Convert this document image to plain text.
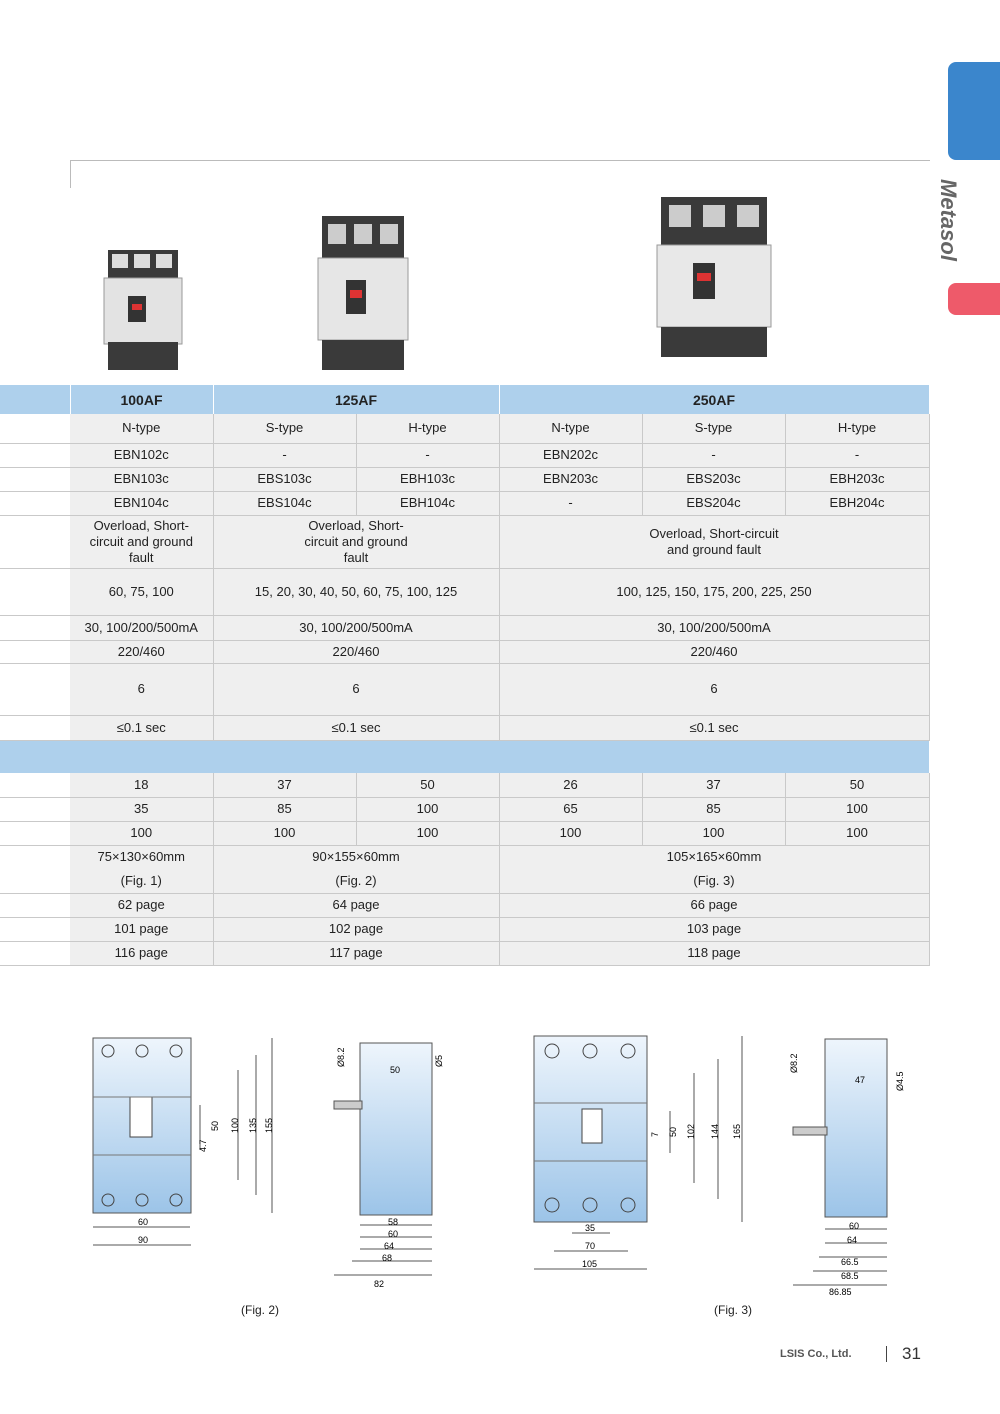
Metasol
	100AF	125AF		250AF		
	N-type	S-type	H-type	N-type	S-type	H-type
	EBN102c	-	-	EBN202c	-	-
	EBN103c	EBS103c	EBH103c	EBN203c	EBS203c	EBH203c
	EBN104c	EBS104c	EBH104c	-	EBS204c	EBH204c
	Overload, Short-circuit and ground fault	Overload, Short-circuit and ground fault		Overload, Short-circuit and ground fault		
	60, 75, 100	15, 20, 30, 40, 50, 60, 75, 100, 125		100, 125, 150, 175, 200, 225, 250		
	30, 100/200/500mA	30, 100/200/500mA		30, 100/200/500mA		
	220/460	220/460		220/460		
	6	6		6		
	≤0.1 sec	≤0.1 sec		≤0.1 sec		
	18	37	50	26	37	50
	35	85	100	65	85	100
	100	100	100	100	100	100
	75×130×60mm	90×155×60mm		105×165×60mm		
	(Fig. 1)	(Fig. 2)		(Fig. 3)		
	62 page	64 page		66 page		
	101 page	102 page		103 page		
	116 page	117 page		118 page		
50
4.7
100 135 155
60
90
Ø8.2
50
Ø5
58
60
64
68
82
(Fig. 2)
7 50 102 144 165
35
70
105
Ø8.2
47	Ø4.5
60
64
66.5
68.5
86.85
(Fig. 3)
LSIS Co., Ltd.	31
